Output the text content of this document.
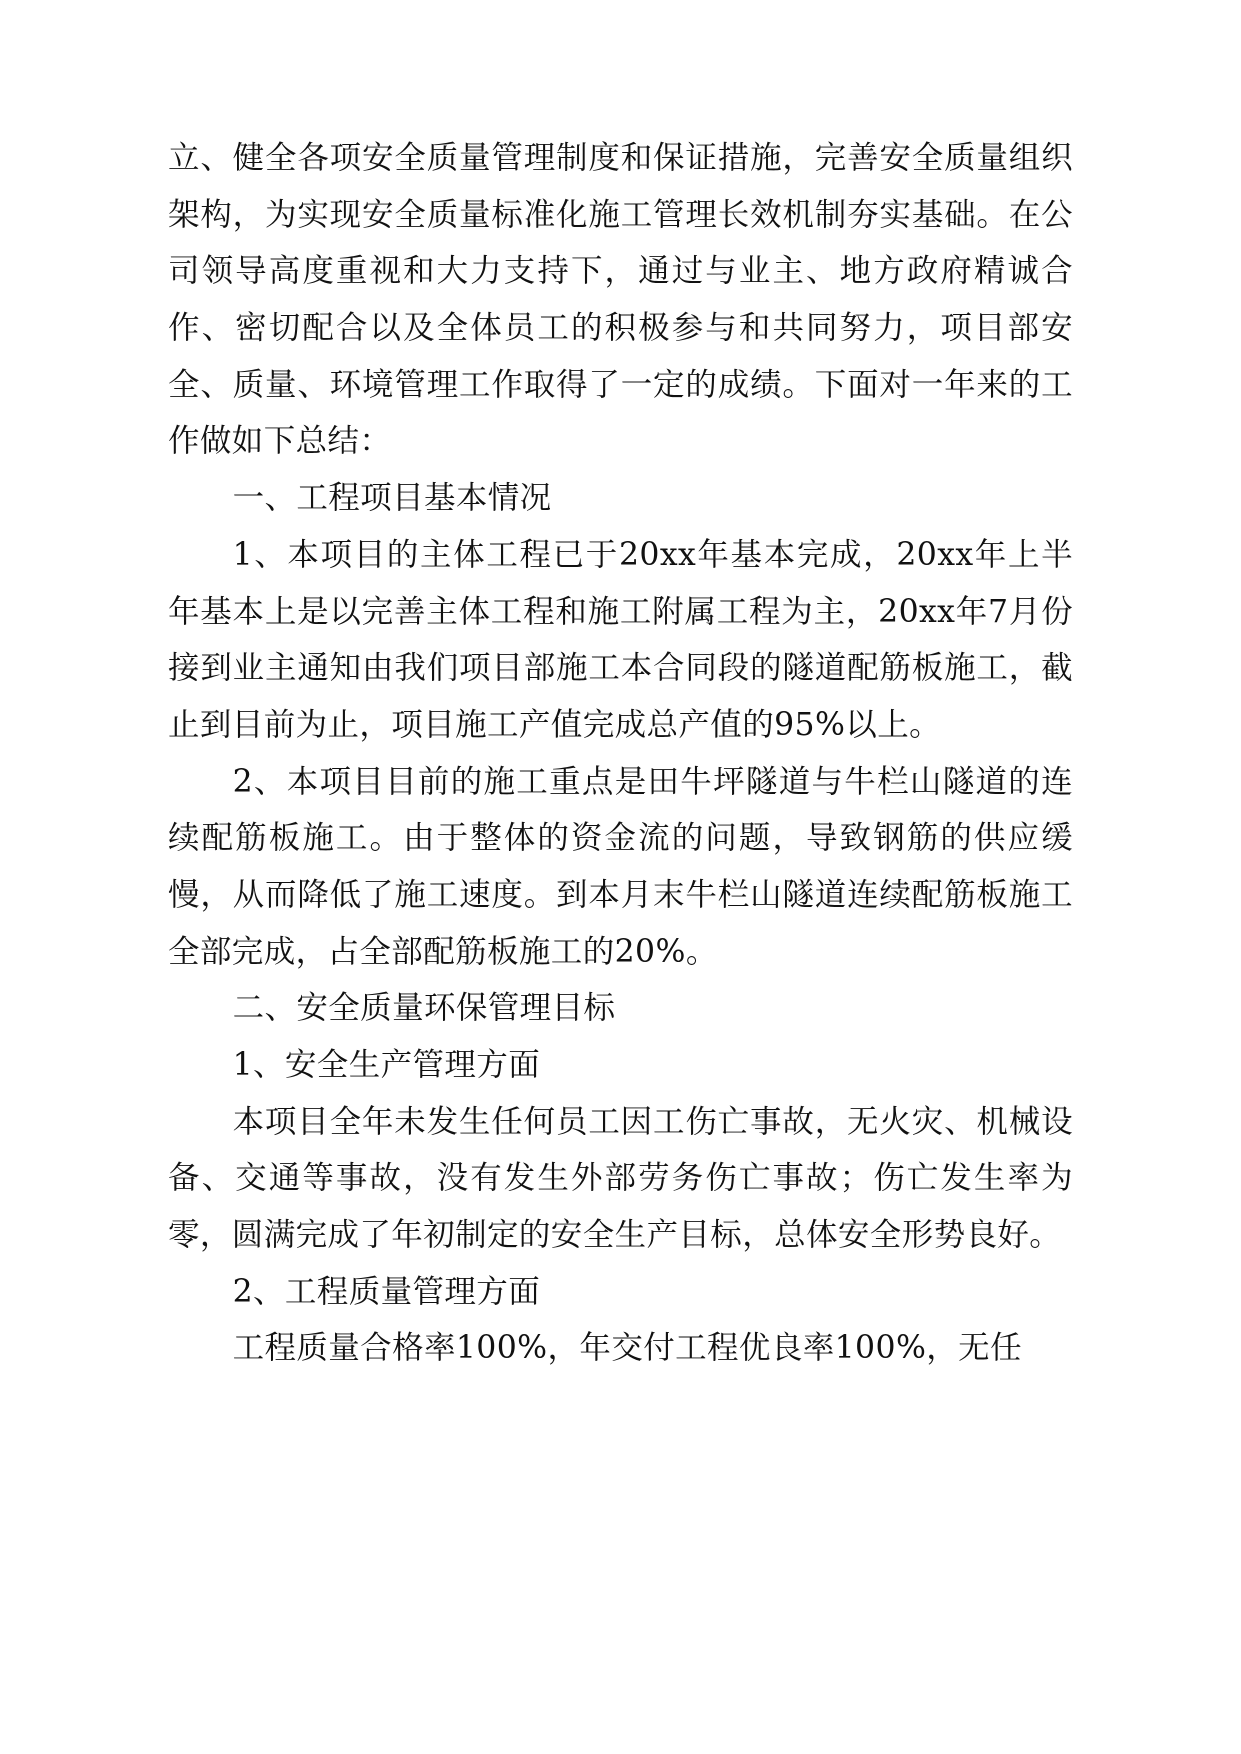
立、健全各项安全质量管理制度和保证措施，完善安全质量组织架构，为实现安全质量标准化施工管理长效机制夯实基础。在公司领导高度重视和大力支持下，通过与业主、地方政府精诚合作、密切配合以及全体员工的积极参与和共同努力，项目部安全、质量、环境管理工作取得了一定的成绩。下面对一年来的工作做如下总结：

一、工程项目基本情况

1、本项目的主体工程已于20xx年基本完成，20xx年上半年基本上是以完善主体工程和施工附属工程为主，20xx年7月份接到业主通知由我们项目部施工本合同段的隧道配筋板施工，截止到目前为止，项目施工产值完成总产值的95%以上。

2、本项目目前的施工重点是田牛坪隧道与牛栏山隧道的连续配筋板施工。由于整体的资金流的问题，导致钢筋的供应缓慢，从而降低了施工速度。到本月末牛栏山隧道连续配筋板施工全部完成，占全部配筋板施工的20%。

二、安全质量环保管理目标

1、安全生产管理方面

本项目全年未发生任何员工因工伤亡事故，无火灾、机械设备、交通等事故，没有发生外部劳务伤亡事故；伤亡发生率为零，圆满完成了年初制定的安全生产目标，总体安全形势良好。

2、工程质量管理方面

工程质量合格率100%，年交付工程优良率100%，无任
